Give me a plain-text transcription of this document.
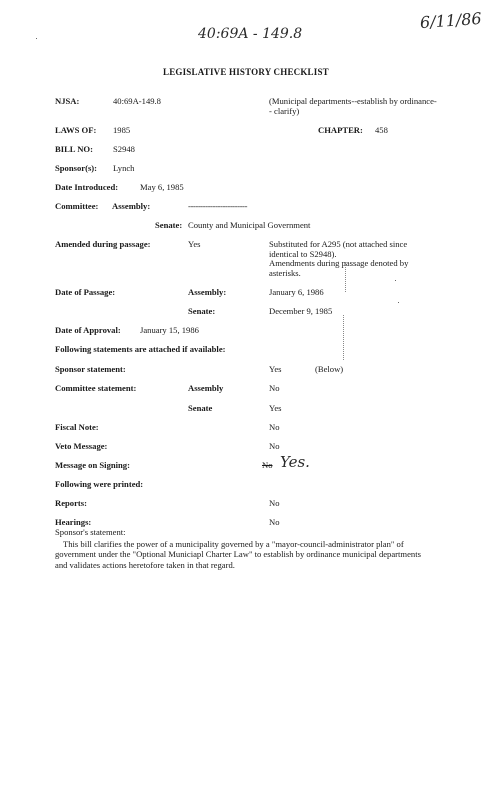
40:69A - 149.8
6/11/86
LEGISLATIVE HISTORY CHECKLIST
NJSA:	40:69A-149.8	(Municipal departments--establish by ordinance-- clarify)
LAWS OF: 1985	CHAPTER: 458
BILL NO: S2948
Sponsor(s): Lynch
Date Introduced:	May 6, 1985
Committee: Assembly:	------------------------
Senate: County and Municipal Government
Amended during passage:	Yes	Substituted for A295 (not attached since identical to S2948).
Amendments during passage denoted by asterisks.
Date of Passage:	Assembly:	January 6, 1986
Senate:	December 9, 1985
Date of Approval: January 15, 1986
Following statements are attached if available:
Sponsor statement:	Yes	(Below)
Committee statement:	Assembly	No
Senate	Yes
Fiscal Note:	No
Veto Message:	No
Message on Signing:	No Yes.
Following were printed:
Reports:	No
Hearings:	No
Sponsor's statement:
This bill clarifies the power of a municipality governed by a "mayor-council-administrator plan" of government under the "Optional Municiapl Charter Law" to establish by ordinance municipal departments and validates actions heretofore taken in that regard.
